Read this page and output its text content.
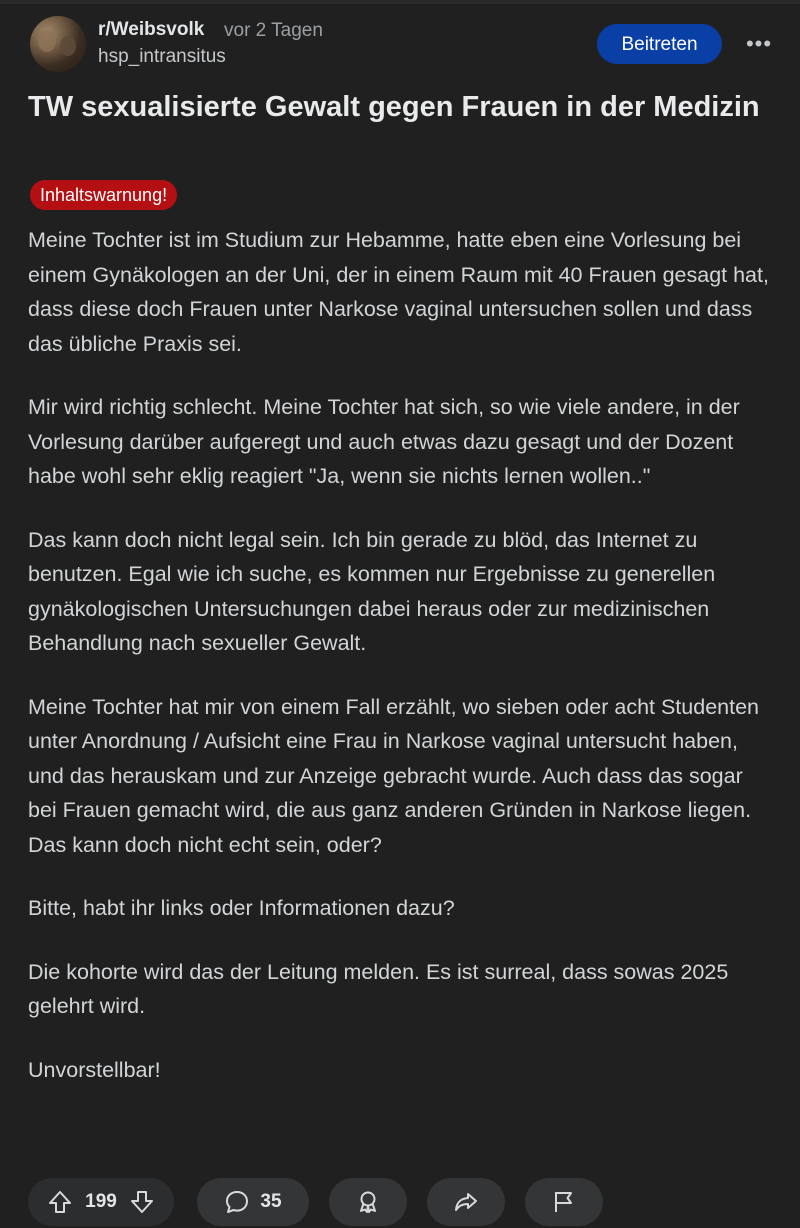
r/Weibsvolk vor 2 Tagen
hsp_intransitus
Beitreten	•••
TW sexualisierte Gewalt gegen Frauen in der Medizin
Inhaltswarnung!

Meine Tochter ist im Studium zur Hebamme, hatte eben eine Vorlesung bei einem Gynäkologen an der Uni, der in einem Raum mit 40 Frauen gesagt hat, dass diese doch Frauen unter Narkose vaginal untersuchen sollen und dass das übliche Praxis sei.

Mir wird richtig schlecht. Meine Tochter hat sich, so wie viele andere, in der Vorlesung darüber aufgeregt und auch etwas dazu gesagt und der Dozent habe wohl sehr eklig reagiert "Ja, wenn sie nichts lernen wollen.."

Das kann doch nicht legal sein. Ich bin gerade zu blöd, das Internet zu benutzen. Egal wie ich suche, es kommen nur Ergebnisse zu generellen gynäkologischen Untersuchungen dabei heraus oder zur medizinischen Behandlung nach sexueller Gewalt.

Meine Tochter hat mir von einem Fall erzählt, wo sieben oder acht Studenten unter Anordnung / Aufsicht eine Frau in Narkose vaginal untersucht haben, und das herauskam und zur Anzeige gebracht wurde. Auch dass das sogar bei Frauen gemacht wird, die aus ganz anderen Gründen in Narkose liegen. Das kann doch nicht echt sein, oder?

Bitte, habt ihr links oder Informationen dazu?

Die kohorte wird das der Leitung melden. Es ist surreal, dass sowas 2025 gelehrt wird.

Unvorstellbar!

199	35
